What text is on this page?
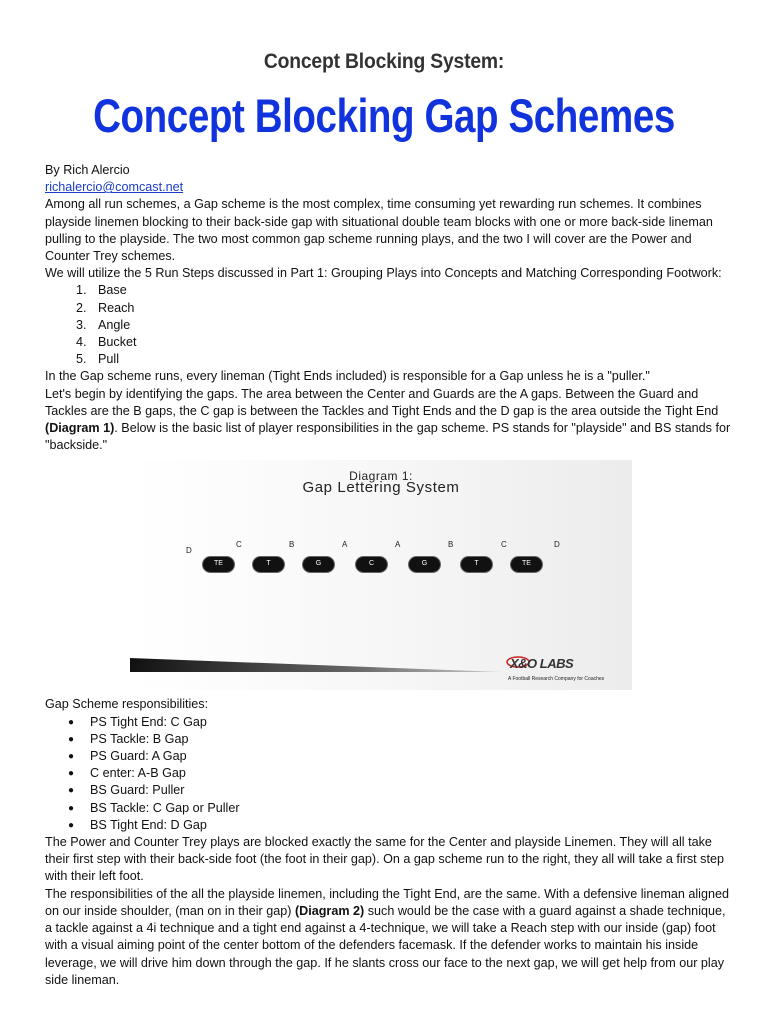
Concept Blocking System:
Concept Blocking Gap Schemes

By Rich Alercio

richalercio@comcast.net

Among all run schemes, a Gap scheme is the most complex, time consuming yet rewarding run schemes. It combines playside linemen blocking to their back-side gap with situational double team blocks with one or more back-side lineman pulling to the playside. The two most common gap scheme running plays, and the two I will cover are the Power and Counter Trey schemes.

We will utilize the 5 Run Steps discussed in Part 1: Grouping Plays into Concepts and Matching Corresponding Footwork:

1. Base
2. Reach
3. Angle
4. Bucket
5. Pull

In the Gap scheme runs, every lineman (Tight Ends included) is responsible for a Gap unless he is a "puller."

Let's begin by identifying the gaps. The area between the Center and Guards are the A gaps. Between the Guard and Tackles are the B gaps, the C gap is between the Tackles and Tight Ends and the D gap is the area outside the Tight End (Diagram 1). Below is the basic list of player responsibilities in the gap scheme. PS stands for "playside" and BS stands for "backside."

Diagram 1:
Gap Lettering System
D
C	B	A	A	B	C	D
TE	T	G	C	G	T	TE
X&O LABS
A Football Research Company for Coaches

Gap Scheme responsibilities:

● PS Tight End: C Gap
● PS Tackle: B Gap
● PS Guard: A Gap
● C enter: A-B Gap
● BS Guard: Puller
● BS Tackle: C Gap or Puller
● BS Tight End: D Gap

The Power and Counter Trey plays are blocked exactly the same for the Center and playside Linemen. They will all take their first step with their back-side foot (the foot in their gap). On a gap scheme run to the right, they all will take a first step with their left foot.

The responsibilities of the all the playside linemen, including the Tight End, are the same. With a defensive lineman aligned on our inside shoulder, (man on in their gap) (Diagram 2) such would be the case with a guard against a shade technique, a tackle against a 4i technique and a tight end against a 4-technique, we will take a Reach step with our inside (gap) foot with a visual aiming point of the center bottom of the defenders facemask. If the defender works to maintain his inside leverage, we will drive him down through the gap. If he slants cross our face to the next gap, we will get help from our play side lineman.
